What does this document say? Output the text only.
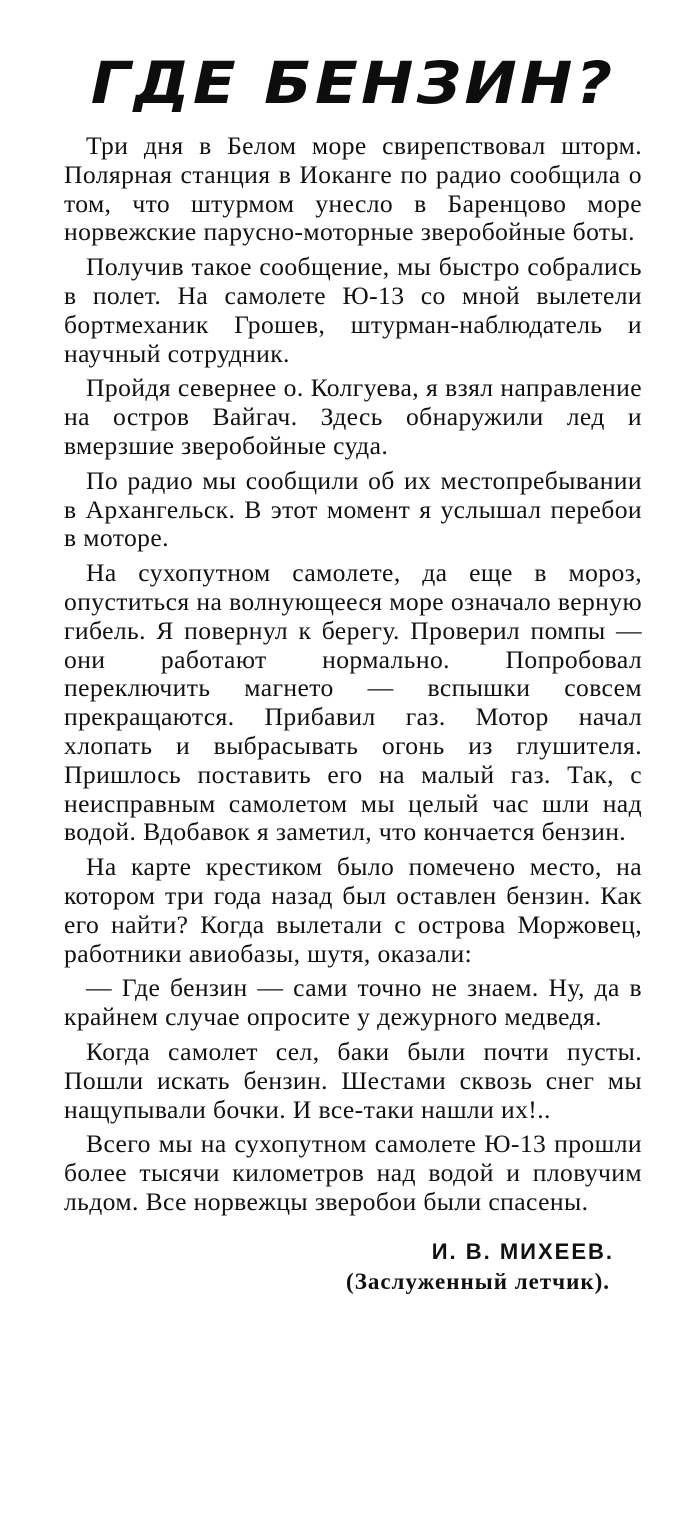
ГДЕ БЕНЗИН?

Три дня в Белом море свирепствовал шторм. Полярная станция в Иоканге по радио сообщила о том, что штурмом унесло в Баренцово море норвежские парусно-моторные зверобойные боты.

Получив такое сообщение, мы быстро собрались в полет. На самолете Ю-13 со мной вылетели бортмеханик Грошев, штурман-наблюдатель и научный сотрудник.

Пройдя севернее о. Колгуева, я взял направление на остров Вайгач. Здесь обнаружили лед и вмерзшие зверобойные суда.

По радио мы сообщили об их местопребывании в Архангельск. В этот момент я услышал перебои в моторе.

На сухопутном самолете, да еще в мороз, опуститься на волнующееся море означало верную гибель. Я повернул к берегу. Проверил помпы — они работают нормально. Попробовал переключить магнето — вспышки совсем прекращаются. Прибавил газ. Мотор начал хлопать и выбрасывать огонь из глушителя. Пришлось поставить его на малый газ. Так, с неисправным самолетом мы целый час шли над водой. Вдобавок я заметил, что кончается бензин.

На карте крестиком было помечено место, на котором три года назад был оставлен бензин. Как его найти? Когда вылетали с острова Моржовец, работники авиобазы, шутя, оказали:

— Где бензин — сами точно не знаем. Ну, да в крайнем случае опросите у дежурного медведя.

Когда самолет сел, баки были почти пусты. Пошли искать бензин. Шестами сквозь снег мы нащупывали бочки. И все-таки нашли их!..

Всего мы на сухопутном самолете Ю-13 прошли более тысячи километров над водой и пловучим льдом. Все норвежцы зверобои были спасены.

И. В. МИХЕЕВ.
(Заслуженный летчик).
